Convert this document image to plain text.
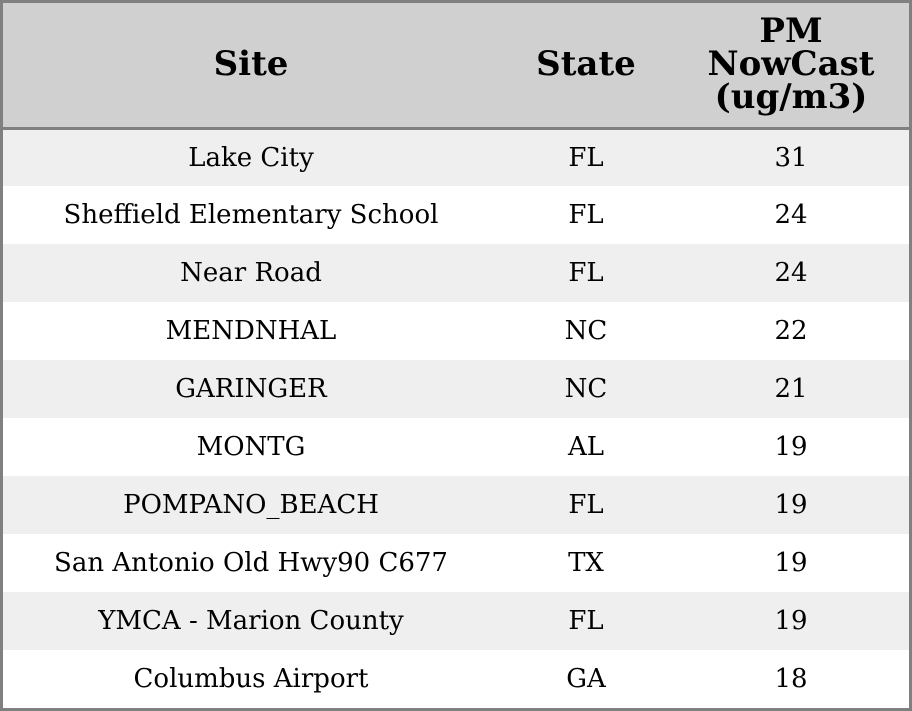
Site	State	PM
NowCast
(ug/m3)

Lake City	FL	31
Sheffield Elementary School	FL	24
Near Road	FL	24
MENDNHAL	NC	22
GARINGER	NC	21
MONTG	AL	19
POMPANO_BEACH	FL	19
San Antonio Old Hwy90 C677	TX	19
YMCA - Marion County	FL	19
Columbus Airport	GA	18
